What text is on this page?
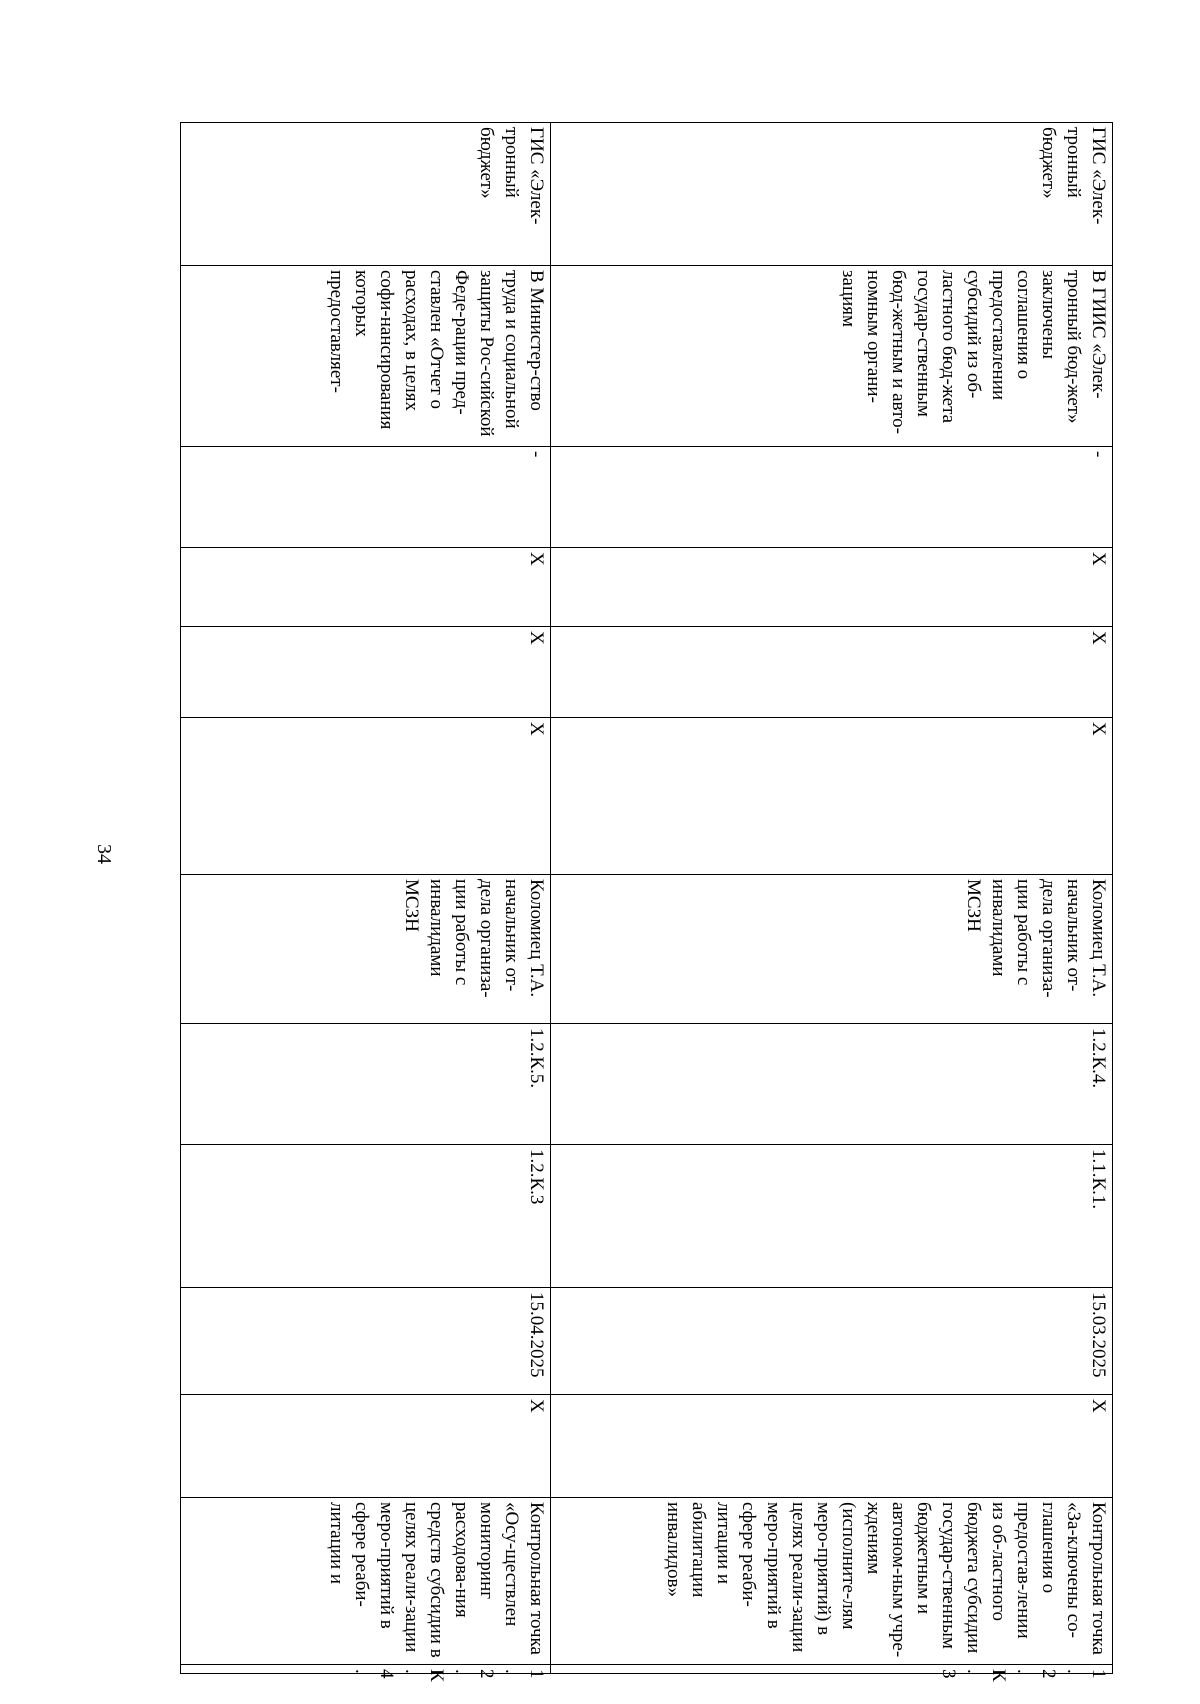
34
ГИС «Элек-тронный бюджет»	В ГИИС «Элек-тронный бюд-жет» заключены соглашения о предоставлении субсидий из об-ластного бюд-жета государ-ственным бюд-жетным и авто-номным органи-зациям	-	X	X	X	Коломиец Т.А. начальник от-дела организа-ции работы с инвалидами МСЗН	1.2.К.4.	1.1.К.1.	15.03.2025	X	Контрольная точка «За-ключены со-глашения о предостав-лении из об-ластного бюджета субсидии государ-ственным бюджетным и автоном-ным учре-ждениям (исполните-лям меро-приятий) в целях реали-зации меро-приятий в сфере реаби-литации и абилитации инвалидов»	1.2.К. 3
ГИС «Элек-тронный бюджет»	В Министер-ство труда и социальной защиты Рос-сийской Феде-рации пред-ставлен «Отчет о расходах, в целях софи-нансирования которых предоставляет-	-	X	X	X	Коломиец Т.А. начальник от-дела организа-ции работы с инвалидами МСЗН	1.2.К.5.	1.2.К.3	15.04.2025	X	Контрольная точка «Осу-ществлен мониторинг расходова-ния средств субсидии в целях реали-зации меро-приятий в сфере реаби-литации и	1.2.К. 4.
